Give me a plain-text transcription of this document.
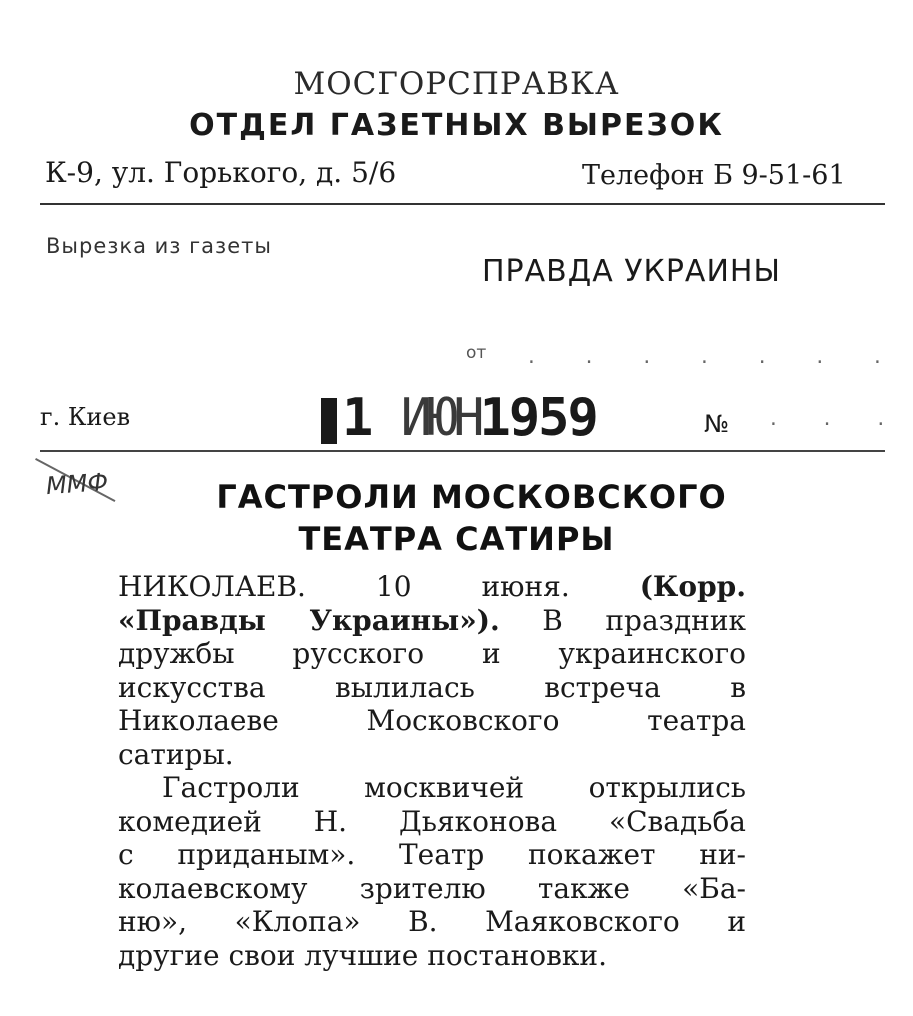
МОСГОРСПРАВКА
ОТДЕЛ ГАЗЕТНЫХ ВЫРЕЗОК
К-9, ул. Горького, д. 5/6	Телефон Б 9-51-61
Вырезка из газеты
ПРАВДА УКРАИНЫ
от · · · · · · ·
г. Киев	1 ИЮН1959	№ · · ·
ММФ	ГАСТРОЛИ МОСКОВСКОГО
ТЕАТРА САТИРЫ
НИКОЛАЕВ. 10 июня. (Корр.
«Правды Украины»). В праздник
дружбы русского и украинского
искусства вылилась встреча в
Николаеве Московского театра
сатиры.
Гастроли москвичей открылись
комедией Н. Дьяконова «Свадьба
с приданым». Театр покажет ни-
колаевскому зрителю также «Ба-
ню», «Клопа» В. Маяковского и
другие свои лучшие постановки.
